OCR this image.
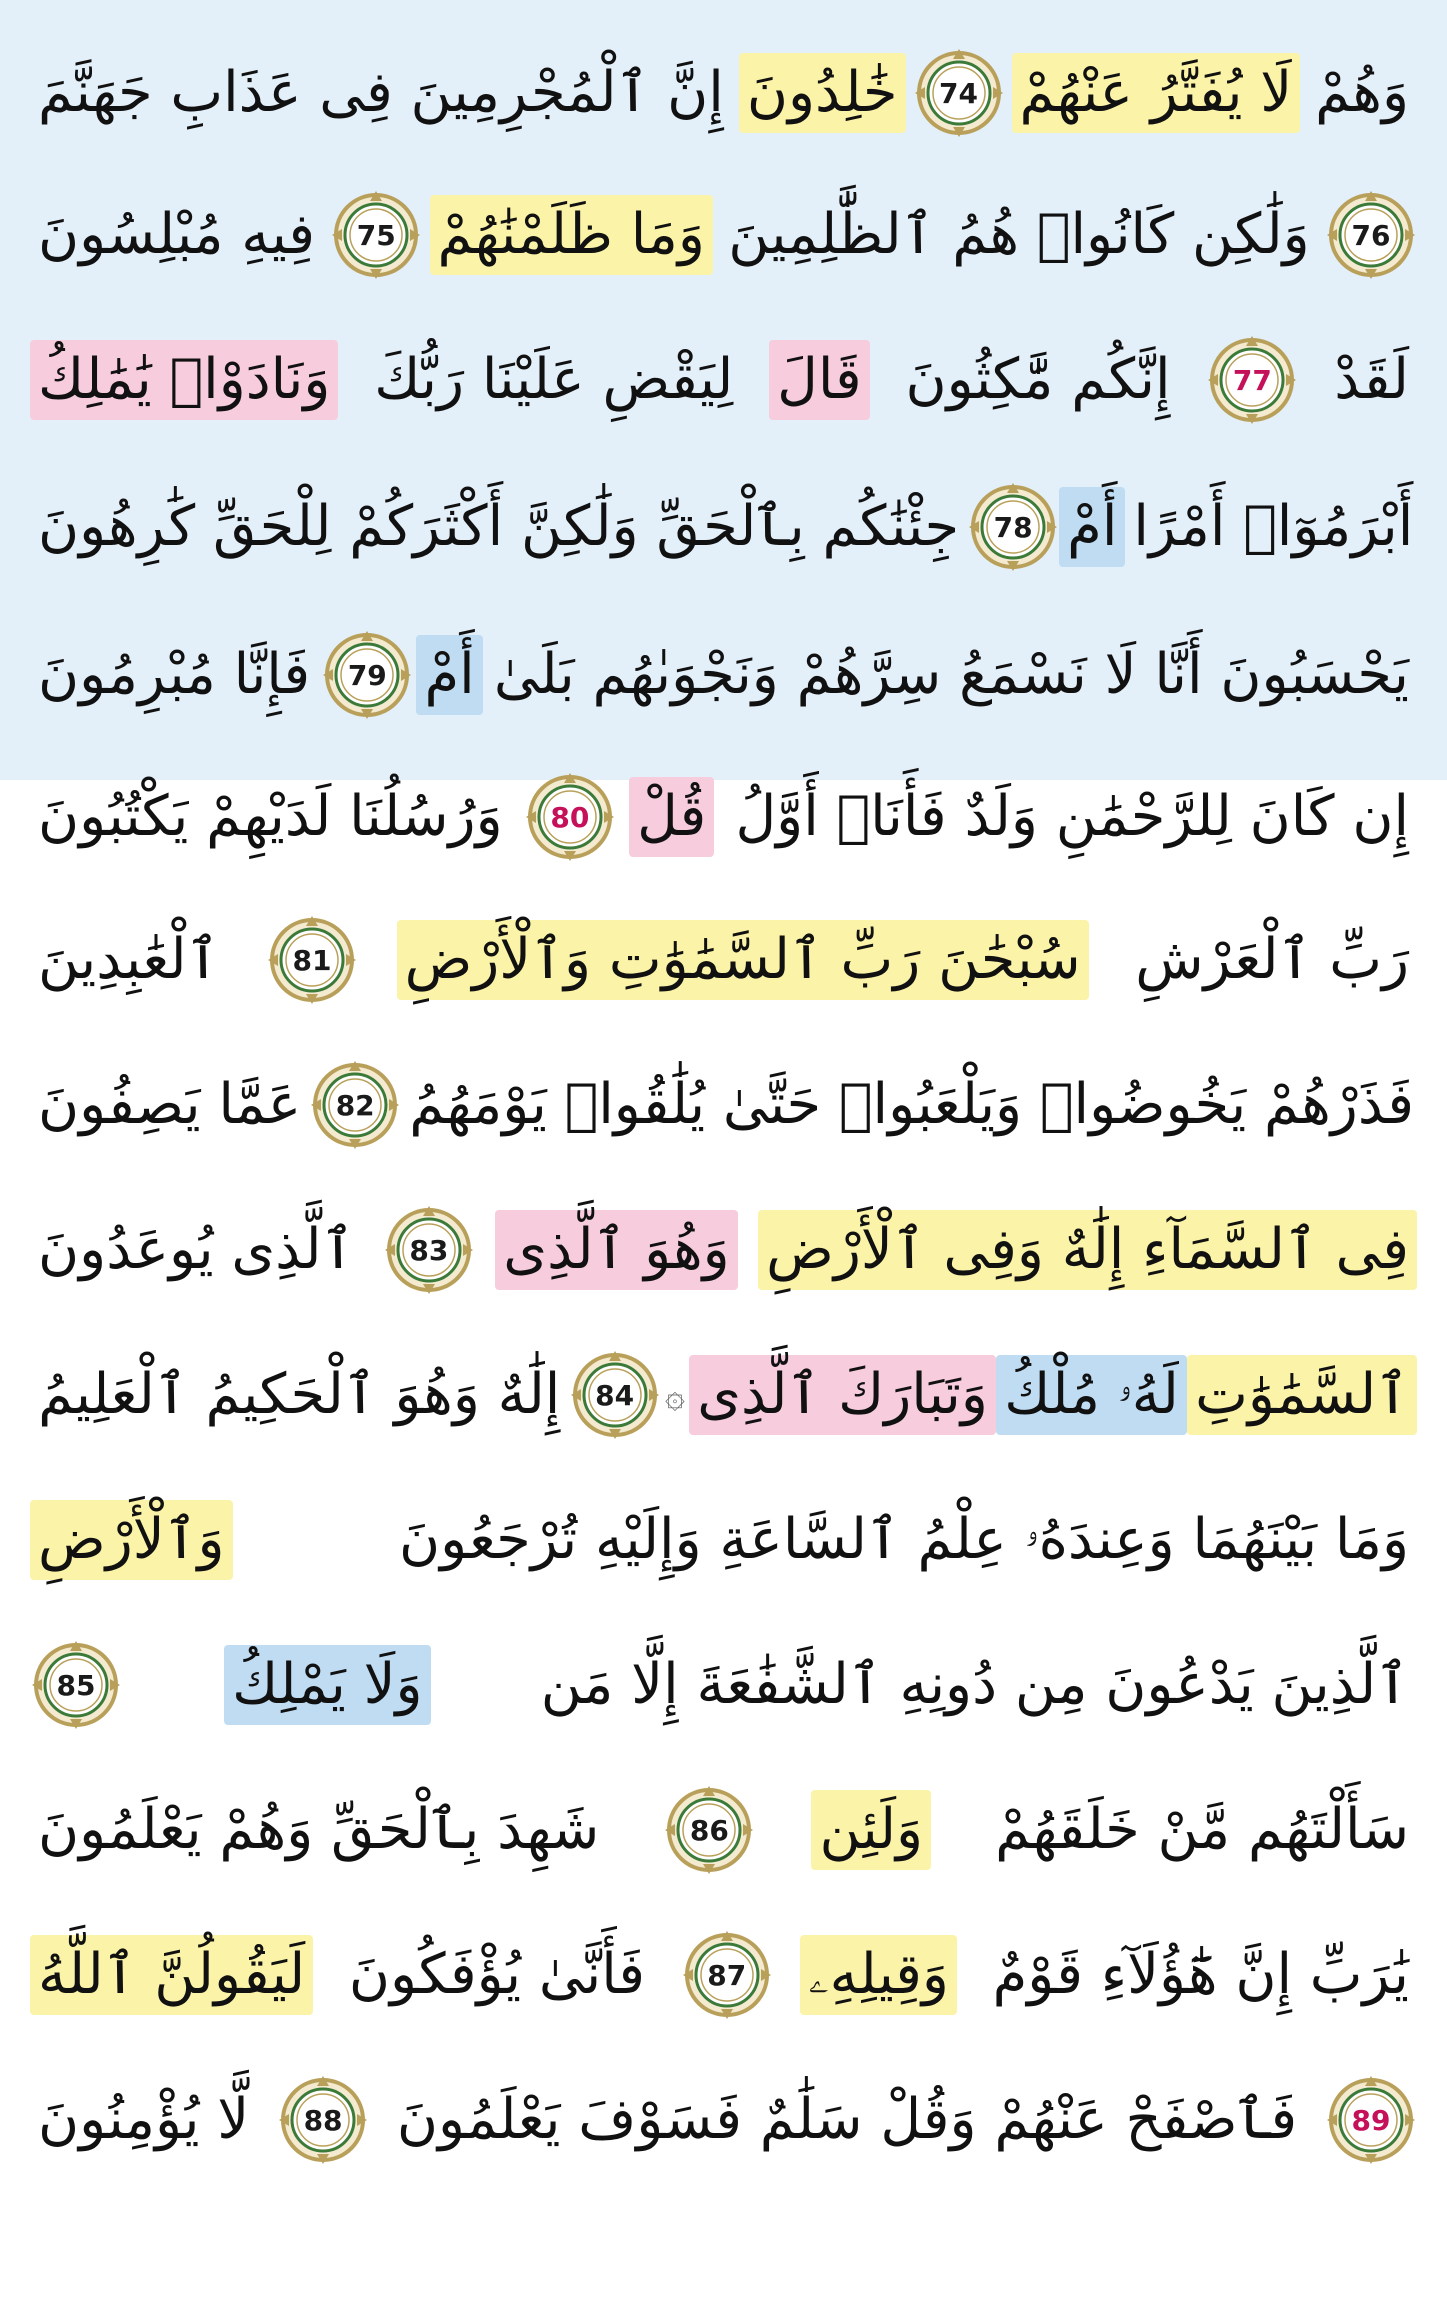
إِنَّ ٱلْمُجْرِمِينَ فِى عَذَابِ جَهَنَّمَ خَٰلِدُونَ 74 لَا يُفَتَّرُ عَنْهُمْ وَهُمْ
فِيهِ مُبْلِسُونَ 75 وَمَا ظَلَمْنَٰهُمْ وَلَٰكِن كَانُوا۟ هُمُ ٱلظَّٰلِمِينَ 76
وَنَادَوْا۟ يَٰمَٰلِكُ لِيَقْضِ عَلَيْنَا رَبُّكَ قَالَ إِنَّكُم مَّٰكِثُونَ 77 لَقَدْ
جِئْنَٰكُم بِٱلْحَقِّ وَلَٰكِنَّ أَكْثَرَكُمْ لِلْحَقِّ كَٰرِهُونَ 78 أَمْ أَبْرَمُوٓا۟ أَمْرًا
فَإِنَّا مُبْرِمُونَ 79 أَمْ يَحْسَبُونَ أَنَّا لَا نَسْمَعُ سِرَّهُمْ وَنَجْوَىٰهُم بَلَىٰ
وَرُسُلُنَا لَدَيْهِمْ يَكْتُبُونَ 80 قُلْ إِن كَانَ لِلرَّحْمَٰنِ وَلَدٌ فَأَنَا۠ أَوَّلُ
ٱلْعَٰبِدِينَ	81 سُبْحَٰنَ رَبِّ ٱلسَّمَٰوَٰتِ وَٱلْأَرْضِ رَبِّ ٱلْعَرْشِ
عَمَّا يَصِفُونَ 82 فَذَرْهُمْ يَخُوضُوا۟ وَيَلْعَبُوا۟ حَتَّىٰ يُلَٰقُوا۟ يَوْمَهُمُ
ٱلَّذِى يُوعَدُونَ 83 وَهُوَ ٱلَّذِى فِى ٱلسَّمَآءِ إِلَٰهٌ وَفِى ٱلْأَرْضِ
إِلَٰهٌ وَهُوَ ٱلْحَكِيمُ ٱلْعَلِيمُ 84 ۞ وَتَبَارَكَ ٱلَّذِى لَهُۥ مُلْكُ ٱلسَّمَٰوَٰتِ
وَٱلْأَرْضِ	وَمَا بَيْنَهُمَا وَعِندَهُۥ عِلْمُ ٱلسَّاعَةِ وَإِلَيْهِ تُرْجَعُونَ
85 وَلَا يَمْلِكُ ٱلَّذِينَ يَدْعُونَ مِن دُونِهِ ٱلشَّفَٰعَةَ إِلَّا مَن
شَهِدَ بِٱلْحَقِّ وَهُمْ يَعْلَمُونَ	86 وَلَئِن سَأَلْتَهُم مَّنْ خَلَقَهُمْ
لَيَقُولُنَّ ٱللَّهُ فَأَنَّىٰ يُؤْفَكُونَ 87 وَقِيلِهِۦ يَٰرَبِّ إِنَّ هَٰٓؤُلَآءِ قَوْمٌ
لَّا يُؤْمِنُونَ 88 فَٱصْفَحْ عَنْهُمْ وَقُلْ سَلَٰمٌ فَسَوْفَ يَعْلَمُونَ 89
